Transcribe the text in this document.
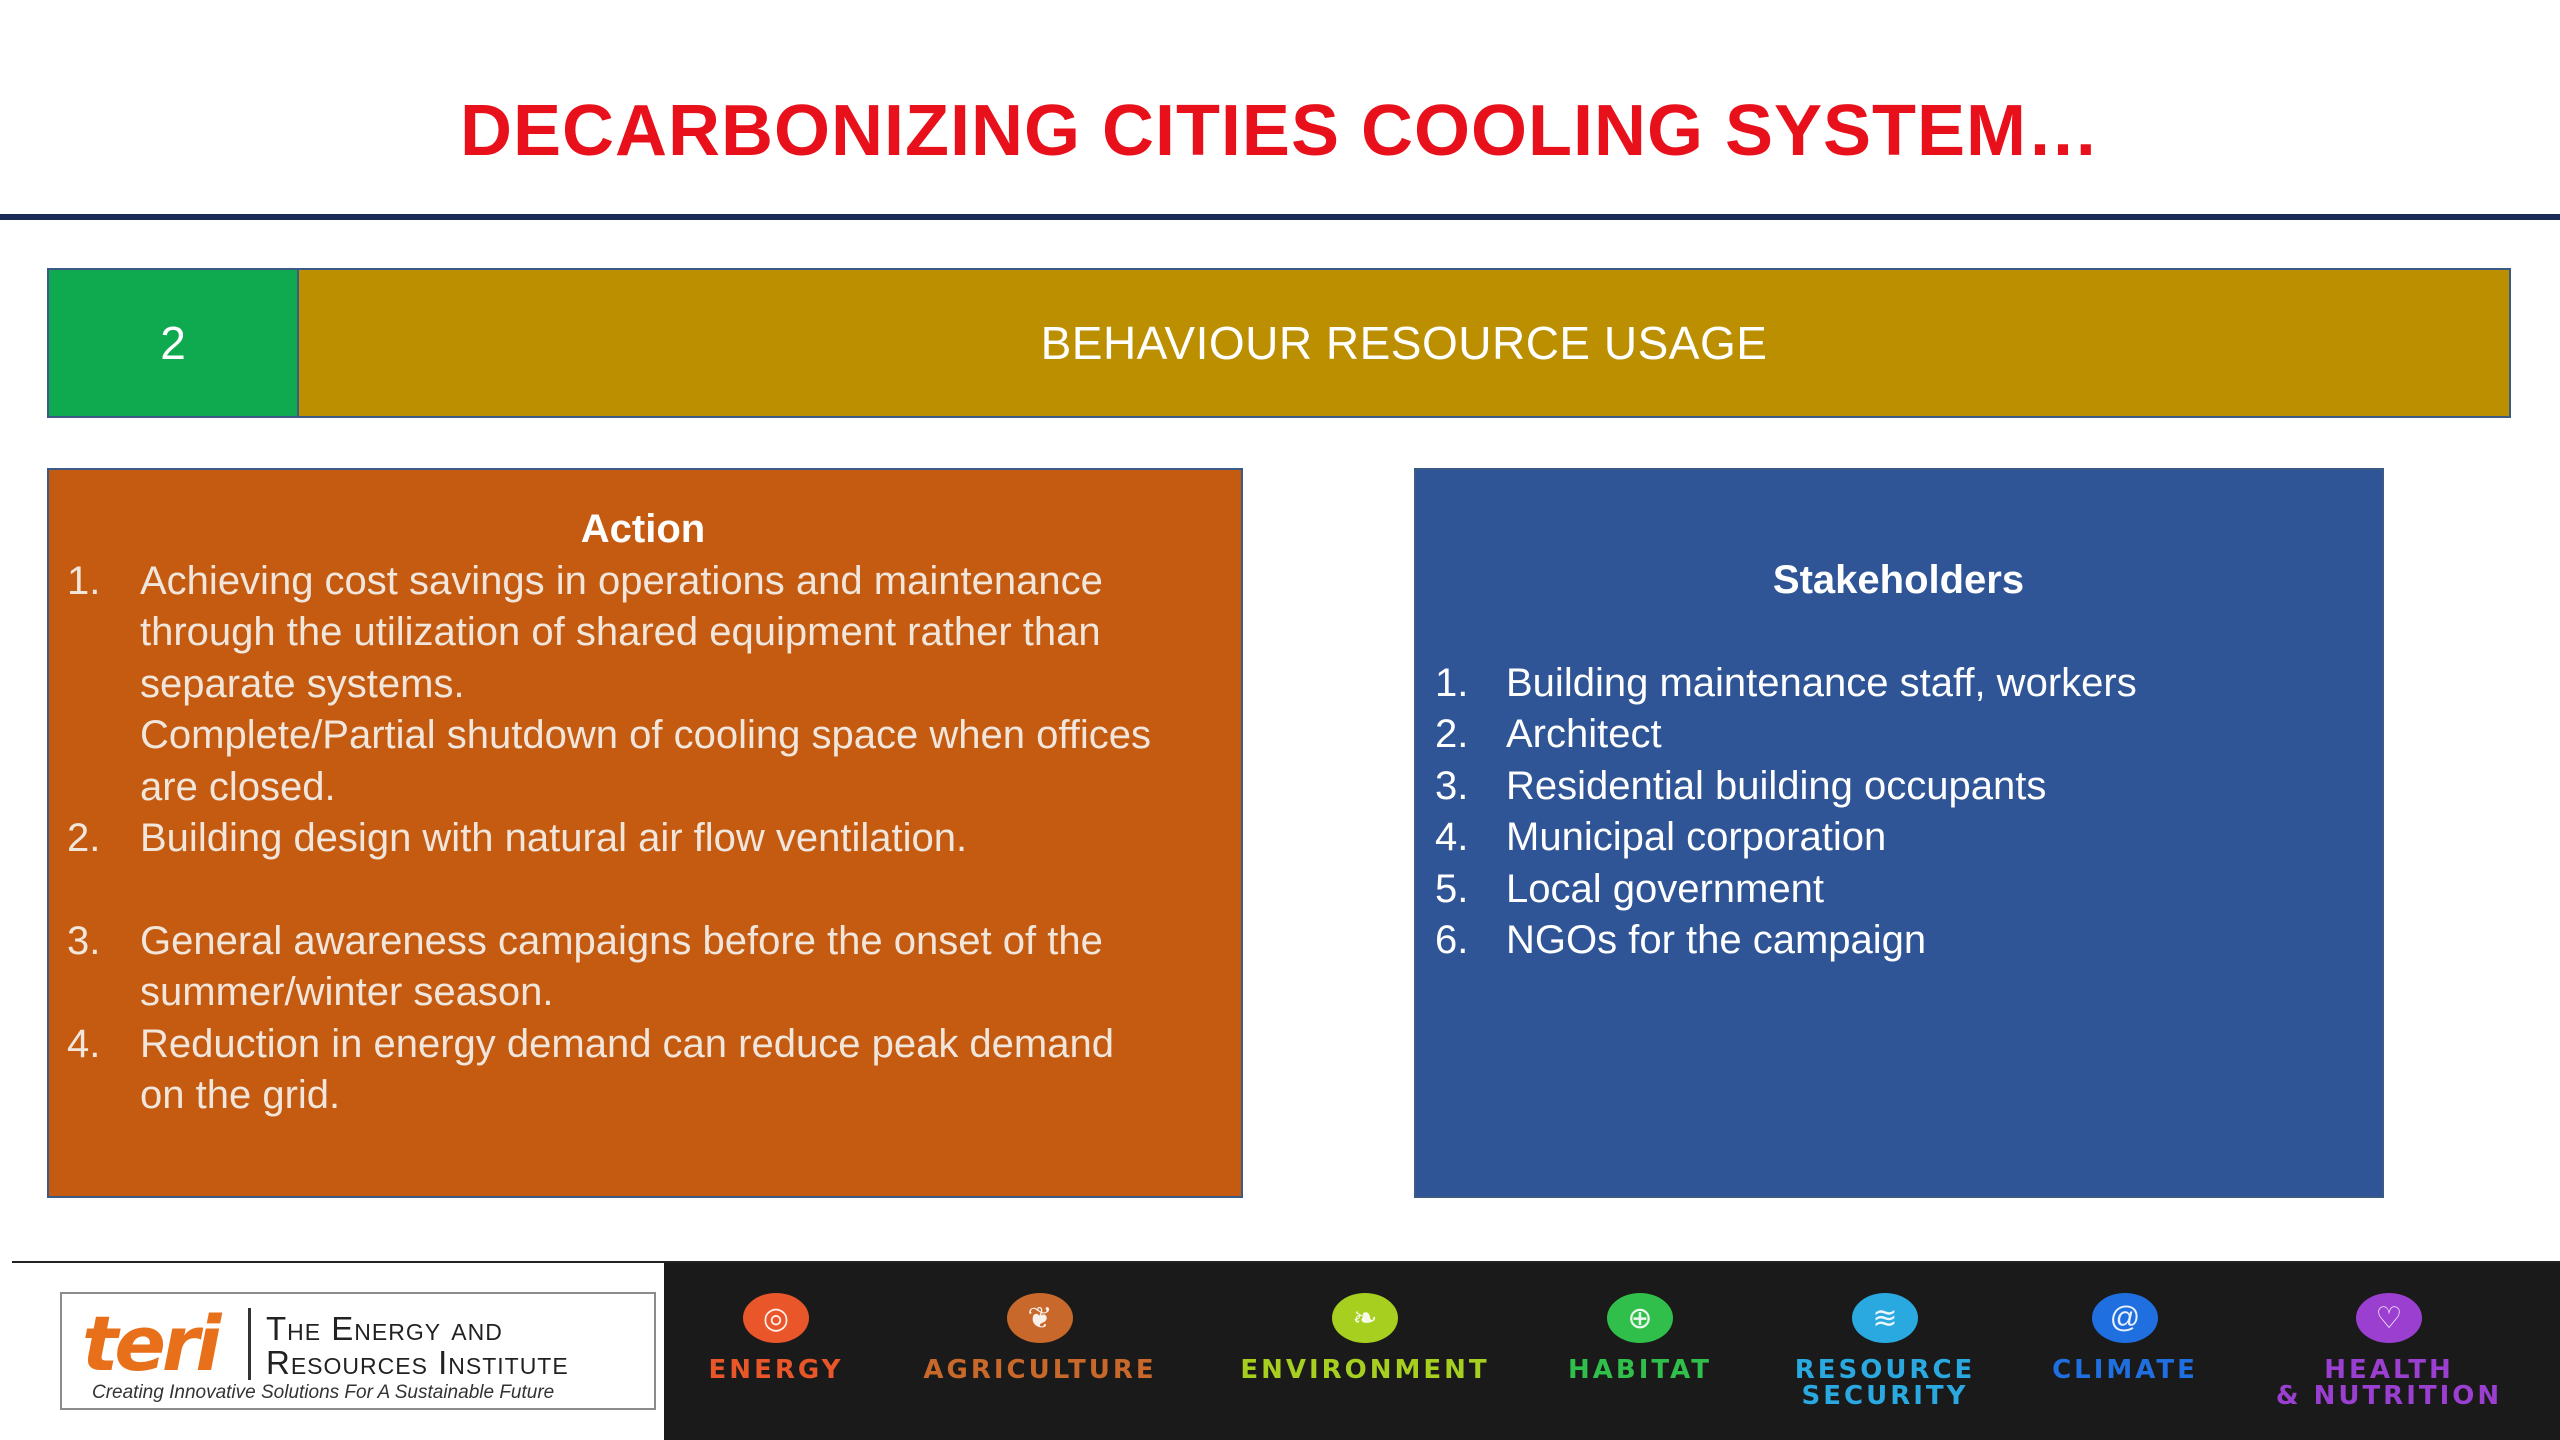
DECARBONIZING CITIES COOLING SYSTEM…
2	BEHAVIOUR RESOURCE USAGE
Action
1. Achieving cost savings in operations and maintenance
through the utilization of shared equipment rather than
separate systems.
Complete/Partial shutdown of cooling space when offices
are closed.
2. Building design with natural air flow ventilation.
3. General awareness campaigns before the onset of the
summer/winter season.
4. Reduction in energy demand can reduce peak demand
on the grid.
Stakeholders
1. Building maintenance staff, workers
2. Architect
3. Residential building occupants
4. Municipal corporation
5. Local government
6. NGOs for the campaign
teri The Energy and
Resources Institute
Creating Innovative Solutions For A Sustainable Future
◎
ENERGY
❦
AGRICULTURE
❧
ENVIRONMENT
⊕
HABITAT
≋
RESOURCE
SECURITY
@
CLIMATE
♡
HEALTH
& NUTRITION
